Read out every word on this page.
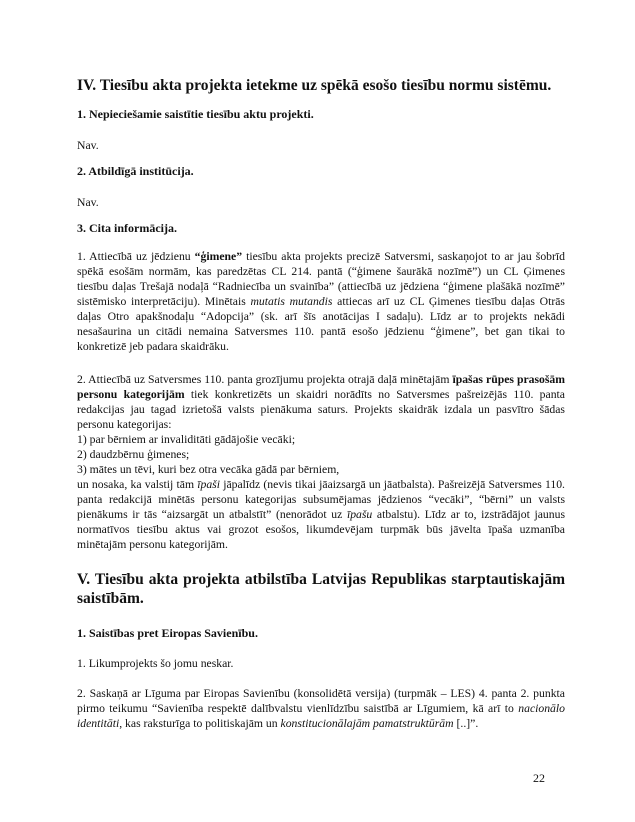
IV. Tiesību akta projekta ietekme uz spēkā esošo tiesību normu sistēmu.
1. Nepieciešamie saistītie tiesību aktu projekti.

Nav.

2. Atbildīgā institūcija.

Nav.

3. Cita informācija.

1. Attiecībā uz jēdzienu “ģimene” tiesību akta projekts precizē Satversmi, saskaņojot to ar jau šobrīd spēkā esošām normām, kas paredzētas CL 214. pantā (“ģimene šaurākā nozīmē”) un CL Ģimenes tiesību daļas Trešajā nodaļā “Radniecība un svainība” (attiecībā uz jēdziena “ģimene plašākā nozīmē” sistēmisko interpretāciju). Minētais mutatis mutandis attiecas arī uz CL Ģimenes tiesību daļas Otrās daļas Otro apakšnodaļu “Adopcija” (sk. arī šīs anotācijas I sadaļu). Līdz ar to projekts nekādi nesašaurina un citādi nemaina Satversmes 110. pantā esošo jēdzienu “ģimene”, bet gan tikai to konkretizē jeb padara skaidrāku.

2. Attiecībā uz Satversmes 110. panta grozījumu projekta otrajā daļā minētajām īpašas rūpes prasošām personu kategorijām tiek konkretizēts un skaidri norādīts no Satversmes pašreizējās 110. panta redakcijas jau tagad izrietošā valsts pienākuma saturs. Projekts skaidrāk izdala un pasvītro šādas personu kategorijas:
1) par bērniem ar invaliditāti gādājošie vecāki;
2) daudzbērnu ģimenes;
3) mātes un tēvi, kuri bez otra vecāka gādā par bērniem,
un nosaka, ka valstij tām īpaši jāpalīdz (nevis tikai jāaizsargā un jāatbalsta). Pašreizējā Satversmes 110. panta redakcijā minētās personu kategorijas subsumējamas jēdzienos “vecāki”, “bērni” un valsts pienākums ir tās “aizsargāt un atbalstīt” (nenorādot uz īpašu atbalstu). Līdz ar to, izstrādājot jaunus normatīvos tiesību aktus vai grozot esošos, likumdevējam turpmāk būs jāvelta īpaša uzmanība minētajām personu kategorijām.

V. Tiesību akta projekta atbilstība Latvijas Republikas starptautiskajām saistībām.
1. Saistības pret Eiropas Savienību.

1. Likumprojekts šo jomu neskar.

2. Saskaņā ar Līguma par Eiropas Savienību (konsolidētā versija) (turpmāk – LES) 4. panta 2. punkta pirmo teikumu “Savienība respektē dalībvalstu vienlīdzību saistībā ar Līgumiem, kā arī to nacionālo identitāti, kas raksturīga to politiskajām un konstitucionālajām pamatstruktūrām [..]”.

22
